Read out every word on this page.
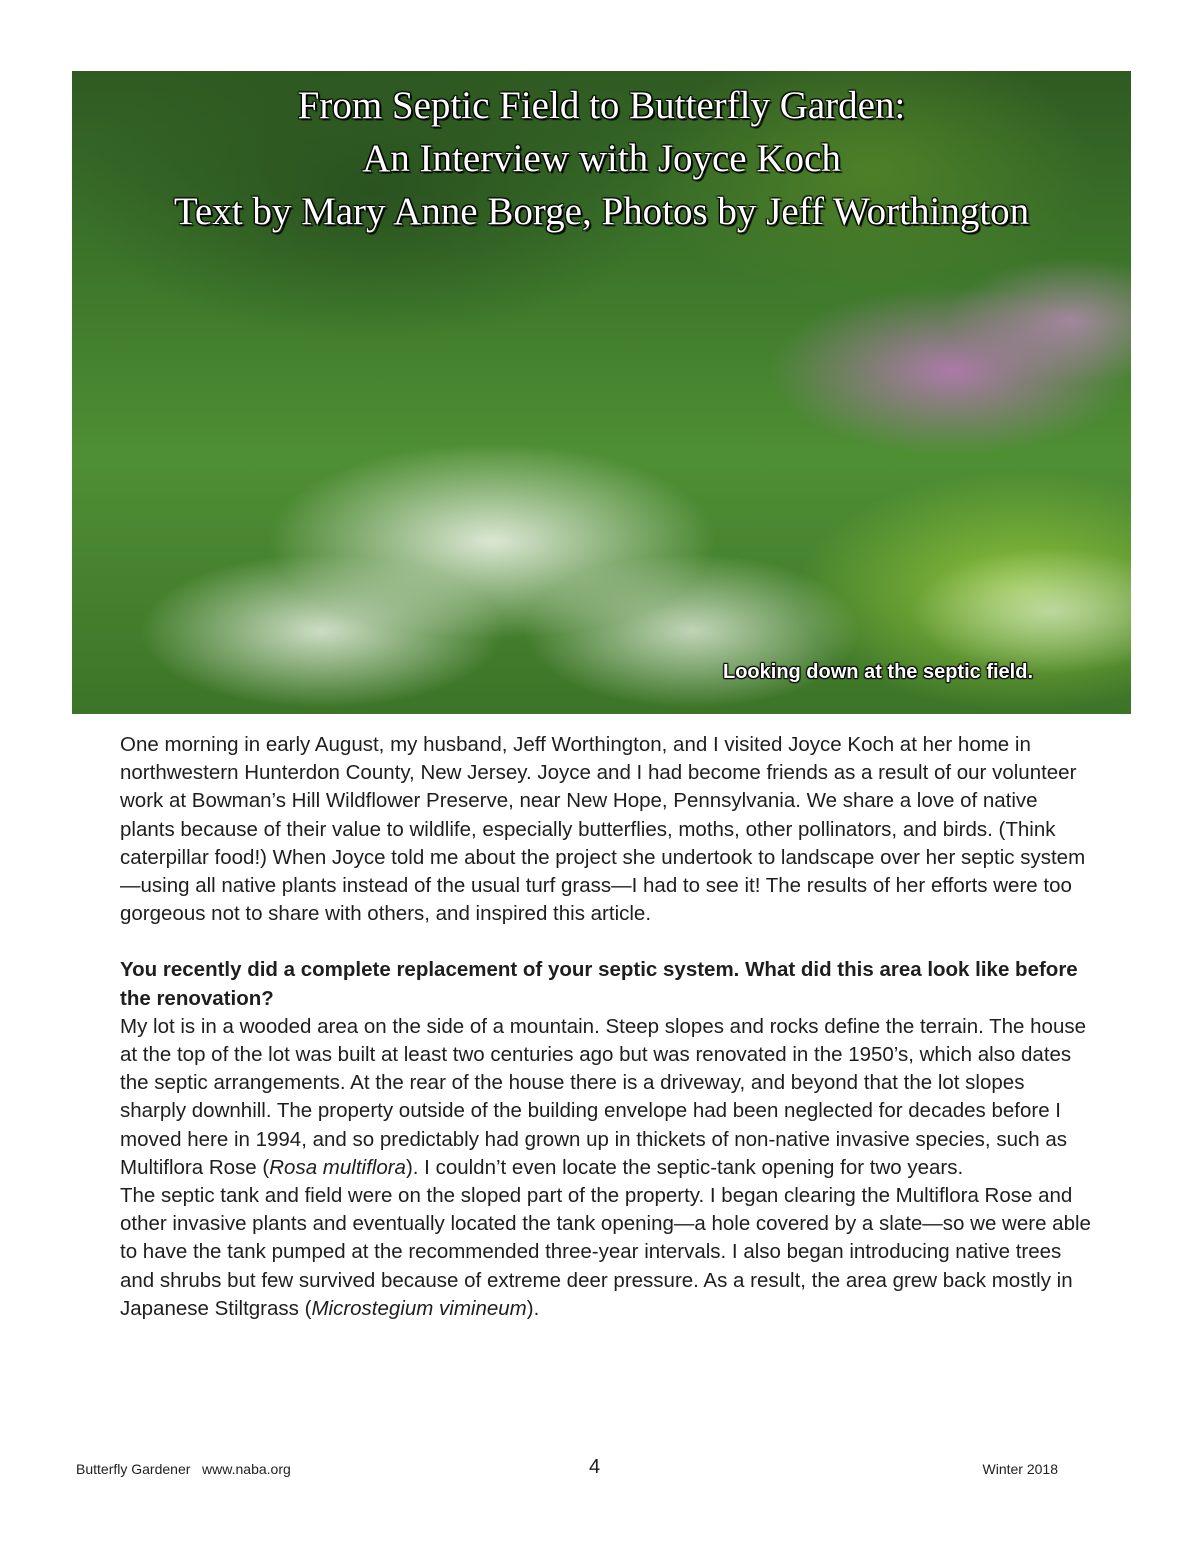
From Septic Field to Butterfly Garden:
An Interview with Joyce Koch
Text by Mary Anne Borge, Photos by Jeff Worthington
Looking down at the septic field.

One morning in early August, my husband, Jeff Worthington, and I visited Joyce Koch at her home in northwestern Hunterdon County, New Jersey. Joyce and I had become friends as a result of our volunteer work at Bowman’s Hill Wildflower Preserve, near New Hope, Pennsylvania. We share a love of native plants because of their value to wildlife, especially butterflies, moths, other pollinators, and birds. (Think caterpillar food!) When Joyce told me about the project she undertook to landscape over her septic system—using all native plants instead of the usual turf grass—I had to see it! The results of her efforts were too gorgeous not to share with others, and inspired this article.

You recently did a complete replacement of your septic system. What did this area look like before the renovation?

My lot is in a wooded area on the side of a mountain. Steep slopes and rocks define the terrain. The house at the top of the lot was built at least two centuries ago but was renovated in the 1950’s, which also dates the septic arrangements. At the rear of the house there is a driveway, and beyond that the lot slopes sharply downhill. The property outside of the building envelope had been neglected for decades before I moved here in 1994, and so predictably had grown up in thickets of non-native invasive species, such as Multiflora Rose (Rosa multiflora). I couldn’t even locate the septic-tank opening for two years.

The septic tank and field were on the sloped part of the property. I began clearing the Multiflora Rose and other invasive plants and eventually located the tank opening—a hole covered by a slate—so we were able to have the tank pumped at the recommended three-year intervals. I also began introducing native trees and shrubs but few survived because of extreme deer pressure. As a result, the area grew back mostly in Japanese Stiltgrass (Microstegium vimineum).

Butterfly Gardener   www.naba.org	4	Winter 2018
